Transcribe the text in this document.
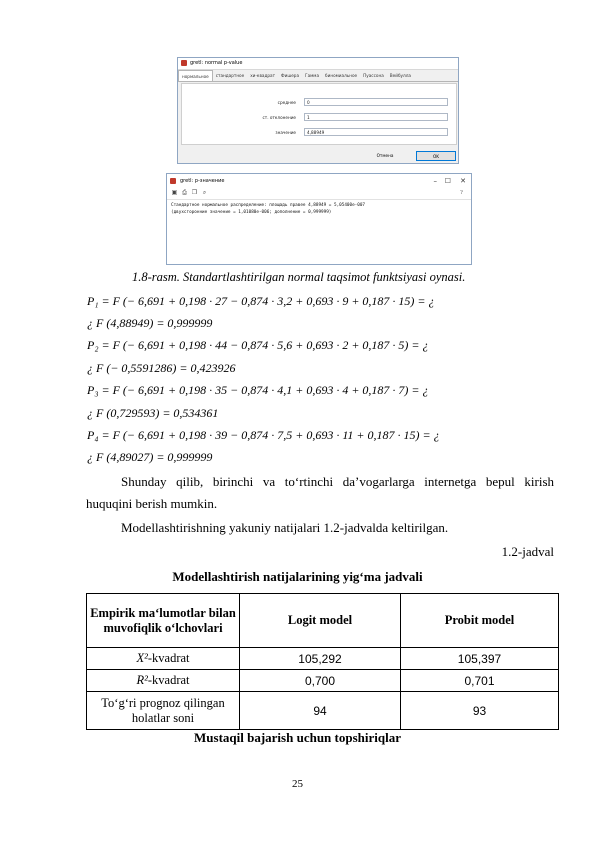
gretl: normal p-value
нормальное	стандартное	хи-квадрат	Фишера	Гамма	биномиальное	Пуассона	Вейбулла
среднее	0
ст. отклонение	1
значение	4,88949
Отмена	OK
gretl: p-значение	– ☐ ✕
▣ ⎙ ❐ ⌕	?
Стандартное нормальное распределение: площадь правее 4,88949 = 5,05400e-007
(двухсторонние значение = 1,01080e-006; дополнение = 0,999999)
1.8-rasm. Standartlashtirilgan normal taqsimot funktsiyasi oynasi.
P₁ = F (− 6,691 + 0,198 · 27 − 0,874 · 3,2 + 0,693 · 9 + 0,187 · 15) = ¿
¿ F (4,88949) = 0,999999
P₂ = F (− 6,691 + 0,198 · 44 − 0,874 · 5,6 + 0,693 · 2 + 0,187 · 5) = ¿
¿ F (− 0,5591286) = 0,423926
P₃ = F (− 6,691 + 0,198 · 35 − 0,874 · 4,1 + 0,693 · 4 + 0,187 · 7) = ¿
¿ F (0,729593) = 0,534361
P₄ = F (− 6,691 + 0,198 · 39 − 0,874 · 7,5 + 0,693 · 11 + 0,187 · 15) = ¿
¿ F (4,89027) = 0,999999
Shunday qilib, birinchi va to‘rtinchi da’vogarlarga internetga bepul kirish
huquqini berish mumkin.
Modellashtirishning yakuniy natijalari 1.2-jadvalda keltirilgan.
1.2-jadval
Modellashtirish natijalarining yig‘ma jadvali
Empirik ma‘lumotlar bilan muvofiqlik o‘lchovlari	Logit model	Probit model
X²-kvadrat	105,292	105,397
R²-kvadrat	0,700	0,701
To‘g‘ri prognoz qilingan holatlar soni	94	93
Mustaqil bajarish uchun topshiriqlar
25
